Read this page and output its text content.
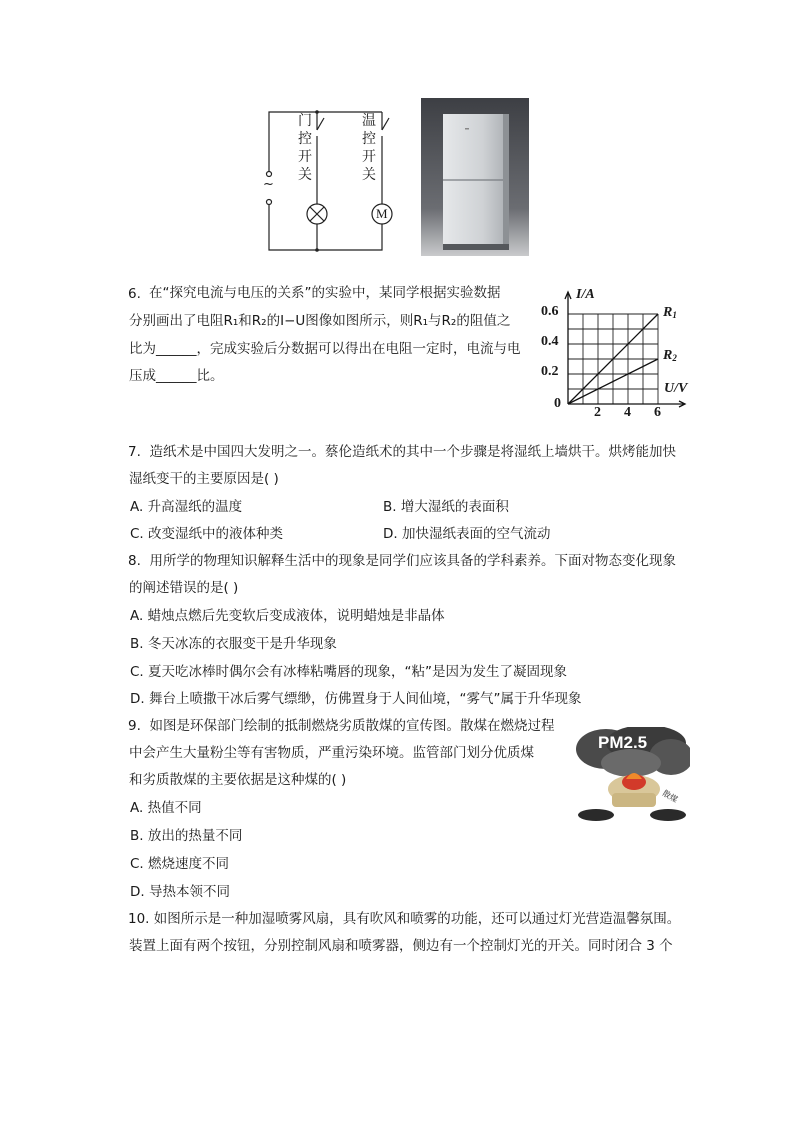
~
M
门控开关
温控开关
6. 在“探究电流与电压的关系”的实验中，某同学根据实验数据
分别画出了电阻R₁和R₂的I−U图像如图所示，则R₁与R₂的阻值之
比为______，完成实验后分数据可以得出在电阻一定时，电流与电
压成______比。
I/A
U/V
0
0.6
0.4
0.2
2 4 6
$R_1$
$R_2$
7. 造纸术是中国四大发明之一。蔡伦造纸术的其中一个步骤是将湿纸上墙烘干。烘烤能加快
湿纸变干的主要原因是( )
A. 升高湿纸的温度	B. 增大湿纸的表面积
C. 改变湿纸中的液体种类	D. 加快湿纸表面的空气流动
8. 用所学的物理知识解释生活中的现象是同学们应该具备的学科素养。下面对物态变化现象
的阐述错误的是( )
A. 蜡烛点燃后先变软后变成液体，说明蜡烛是非晶体
B. 冬天冰冻的衣服变干是升华现象
C. 夏天吃冰棒时偶尔会有冰棒粘嘴唇的现象，“粘”是因为发生了凝固现象
D. 舞台上喷撒干冰后雾气缥缈，仿佛置身于人间仙境，“雾气”属于升华现象
9. 如图是环保部门绘制的抵制燃烧劣质散煤的宣传图。散煤在燃烧过程
中会产生大量粉尘等有害物质，严重污染环境。监管部门划分优质煤
和劣质散煤的主要依据是这种煤的( )
A. 热值不同
B. 放出的热量不同
C. 燃烧速度不同
D. 导热本领不同
PM2.5
散煤
10. 如图所示是一种加湿喷雾风扇，具有吹风和喷雾的功能，还可以通过灯光营造温馨氛围。
装置上面有两个按钮，分别控制风扇和喷雾器，侧边有一个控制灯光的开关。同时闭合 3 个
